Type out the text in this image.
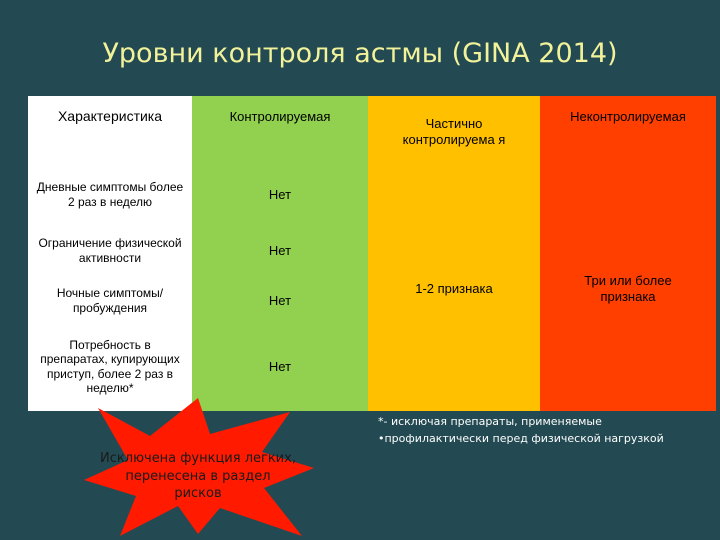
Уровни контроля астмы (GINA 2014)
Характеристика	Контролируемая	Частично контролируема я
Неконтролируемая
Дневные симптомы более 2 раз в неделю
Ограничение физической активности
Ночные симптомы/ пробуждения
Потребность в препаратах, купирующих приступ, более 2 раз в неделю*
Нет
Нет
Нет
Нет
1-2 признака
Три или более признака
*- исключая препараты, применяемые
•профилактически перед физической нагрузкой
Исключена функция легких, перенесена в раздел рисков
